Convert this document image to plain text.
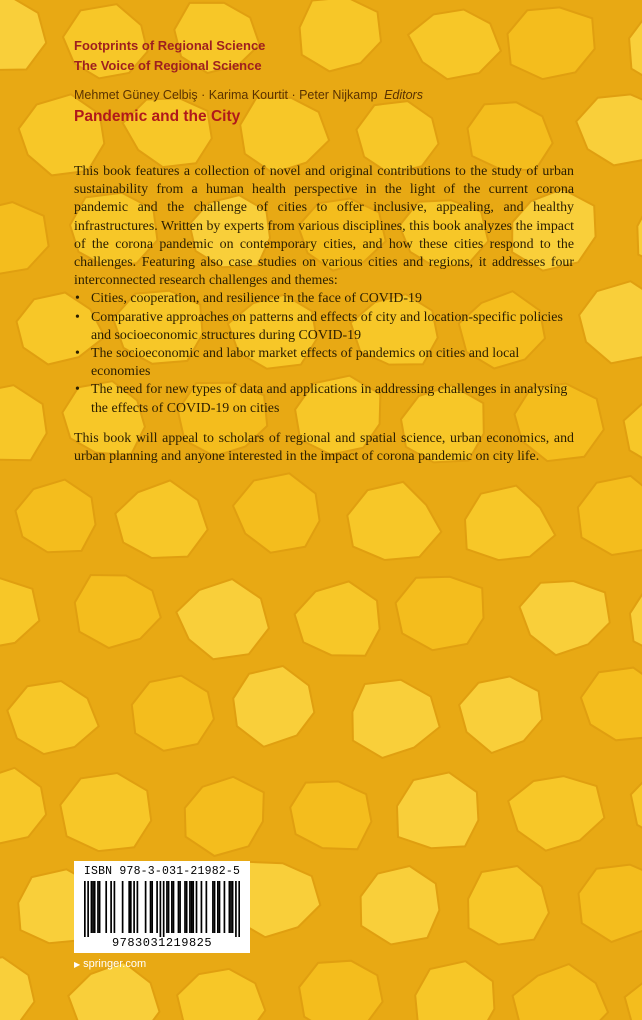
Footprints of Regional Science
The Voice of Regional Science
Mehmet Güney Celbiş · Karima Kourtit · Peter Nijkamp Editors
Pandemic and the City

This book features a collection of novel and original contributions to the study of urban sustainability from a human health perspective in the light of the current corona pandemic and the challenge of cities to offer inclusive, appealing, and healthy infrastructures. Written by experts from various disciplines, this book analyzes the impact of the corona pandemic on contemporary cities, and how these cities respond to the challenges. Featuring also case studies on various cities and regions, it addresses four interconnected research challenges and themes:

• Cities, cooperation, and resilience in the face of COVID-19
• Comparative approaches on patterns and effects of city and location-specific policies and socioeconomic structures during COVID-19
• The socioeconomic and labor market effects of pandemics on cities and local economies
• The need for new types of data and applications in addressing challenges in analysing the effects of COVID-19 on cities

This book will appeal to scholars of regional and spatial science, urban economics, and urban planning and anyone interested in the impact of corona pandemic on city life.

ISBN 978-3-031-21982-5
9783031219825
▶ springer.com
